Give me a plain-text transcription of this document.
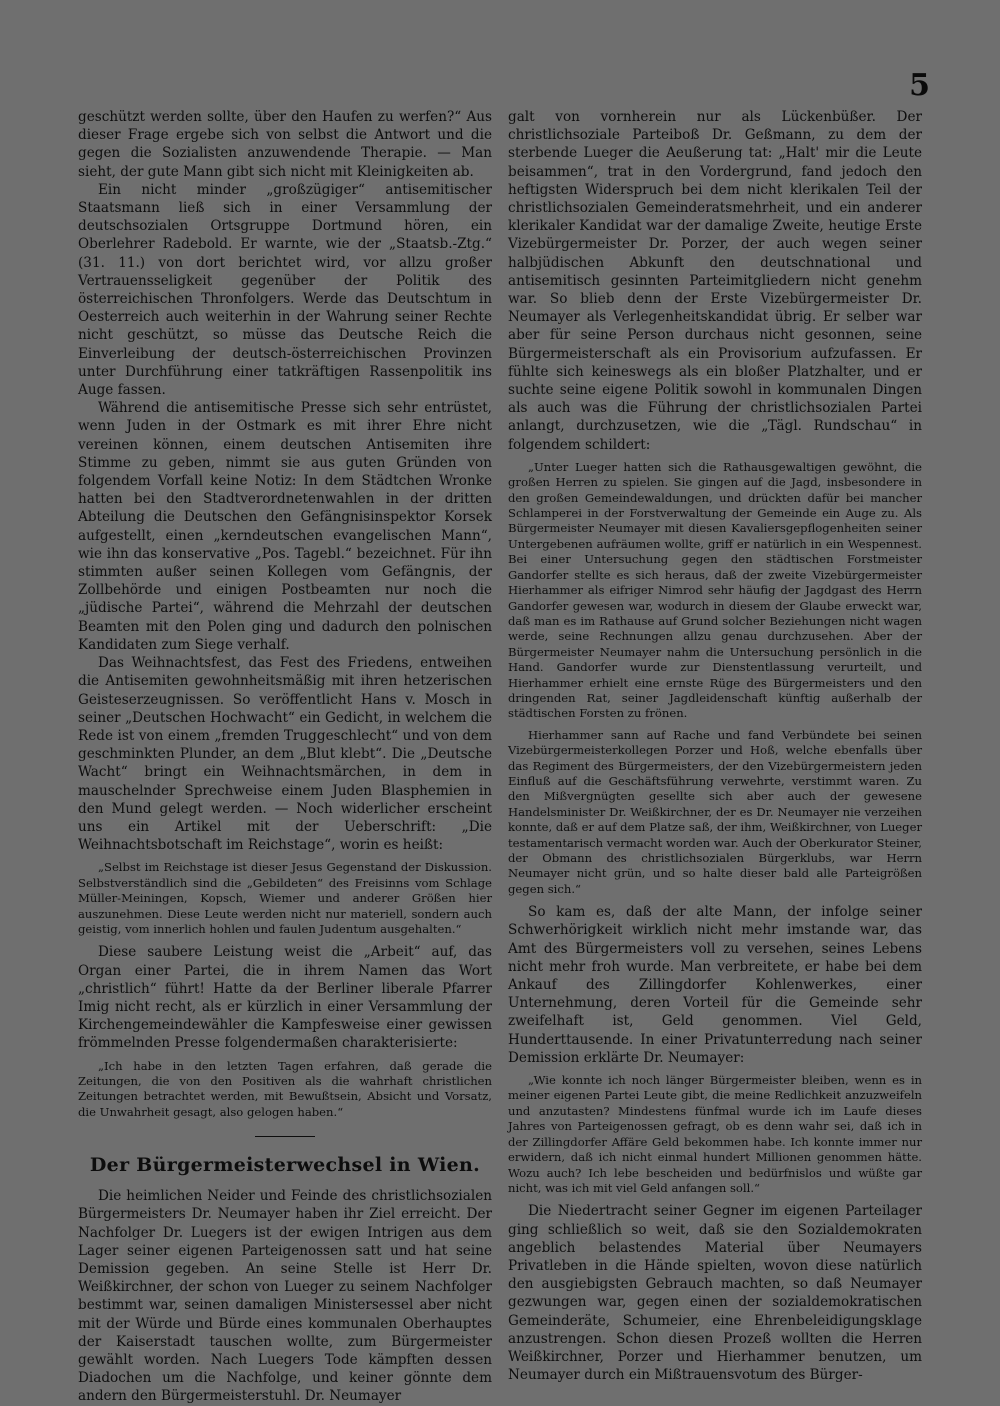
5

geschützt werden sollte, über den Haufen zu werfen?“ Aus dieser Frage ergebe sich von selbst die Antwort und die gegen die Sozialisten anzuwendende Therapie. — Man sieht, der gute Mann gibt sich nicht mit Kleinigkeiten ab.

Ein nicht minder „großzügiger“ antisemitischer Staatsmann ließ sich in einer Versammlung der deutschsozialen Ortsgruppe Dortmund hören, ein Oberlehrer Radebold. Er warnte, wie der „Staatsb.-Ztg.“ (31. 11.) von dort berichtet wird, vor allzu großer Vertrauensseligkeit gegenüber der Politik des österreichischen Thronfolgers. Werde das Deutschtum in Oesterreich auch weiterhin in der Wahrung seiner Rechte nicht geschützt, so müsse das Deutsche Reich die Einverleibung der deutsch-österreichischen Provinzen unter Durchführung einer tatkräftigen Rassenpolitik ins Auge fassen.

Während die antisemitische Presse sich sehr entrüstet, wenn Juden in der Ostmark es mit ihrer Ehre nicht vereinen können, einem deutschen Antisemiten ihre Stimme zu geben, nimmt sie aus guten Gründen von folgendem Vorfall keine Notiz: In dem Städtchen Wronke hatten bei den Stadtverordnetenwahlen in der dritten Abteilung die Deutschen den Gefängnisinspektor Korsek aufgestellt, einen „kerndeutschen evangelischen Mann“, wie ihn das konservative „Pos. Tagebl.“ bezeichnet. Für ihn stimmten außer seinen Kollegen vom Gefängnis, der Zollbehörde und einigen Postbeamten nur noch die „jüdische Partei“, während die Mehrzahl der deutschen Beamten mit den Polen ging und dadurch den polnischen Kandidaten zum Siege verhalf.

Das Weihnachtsfest, das Fest des Friedens, entweihen die Antisemiten gewohnheitsmäßig mit ihren hetzerischen Geisteserzeugnissen. So veröffentlicht Hans v. Mosch in seiner „Deutschen Hochwacht“ ein Gedicht, in welchem die Rede ist von einem „fremden Truggeschlecht“ und von dem geschminkten Plunder, an dem „Blut klebt“. Die „Deutsche Wacht“ bringt ein Weihnachtsmärchen, in dem in mauschelnder Sprechweise einem Juden Blasphemien in den Mund gelegt werden. — Noch widerlicher erscheint uns ein Artikel mit der Ueberschrift: „Die Weihnachtsbotschaft im Reichstage“, worin es heißt:

„Selbst im Reichstage ist dieser Jesus Gegenstand der Diskussion. Selbstverständlich sind die „Gebildeten“ des Freisinns vom Schlage Müller-Meiningen, Kopsch, Wiemer und anderer Größen hier auszunehmen. Diese Leute werden nicht nur materiell, sondern auch geistig, vom innerlich hohlen und faulen Judentum ausgehalten.“

Diese saubere Leistung weist die „Arbeit“ auf, das Organ einer Partei, die in ihrem Namen das Wort „christlich“ führt! Hatte da der Berliner liberale Pfarrer Imig nicht recht, als er kürzlich in einer Versammlung der Kirchengemeindewähler die Kampfesweise einer gewissen frömmelnden Presse folgendermaßen charakterisierte:

„Ich habe in den letzten Tagen erfahren, daß gerade die Zeitungen, die von den Positiven als die wahrhaft christlichen Zeitungen betrachtet werden, mit Bewußtsein, Absicht und Vorsatz, die Unwahrheit gesagt, also gelogen haben.“
Der Bürgermeisterwechsel in Wien.

Die heimlichen Neider und Feinde des christlichsozialen Bürgermeisters Dr. Neumayer haben ihr Ziel erreicht. Der Nachfolger Dr. Luegers ist der ewigen Intrigen aus dem Lager seiner eigenen Parteigenossen satt und hat seine Demission gegeben. An seine Stelle ist Herr Dr. Weißkirchner, der schon von Lueger zu seinem Nachfolger bestimmt war, seinen damaligen Ministersessel aber nicht mit der Würde und Bürde eines kommunalen Oberhauptes der Kaiserstadt tauschen wollte, zum Bürgermeister gewählt worden. Nach Luegers Tode kämpften dessen Diadochen um die Nachfolge, und keiner gönnte dem andern den Bürgermeisterstuhl. Dr. Neumayer

galt von vornherein nur als Lückenbüßer. Der christlichsoziale Parteiboß Dr. Geßmann, zu dem der sterbende Lueger die Aeußerung tat: „Halt' mir die Leute beisammen“, trat in den Vordergrund, fand jedoch den heftigsten Widerspruch bei dem nicht klerikalen Teil der christlichsozialen Gemeinderatsmehrheit, und ein anderer klerikaler Kandidat war der damalige Zweite, heutige Erste Vizebürgermeister Dr. Porzer, der auch wegen seiner halbjüdischen Abkunft den deutschnational und antisemitisch gesinnten Parteimitgliedern nicht genehm war. So blieb denn der Erste Vizebürgermeister Dr. Neumayer als Verlegenheitskandidat übrig. Er selber war aber für seine Person durchaus nicht gesonnen, seine Bürgermeisterschaft als ein Provisorium aufzufassen. Er fühlte sich keineswegs als ein bloßer Platzhalter, und er suchte seine eigene Politik sowohl in kommunalen Dingen als auch was die Führung der christlichsozialen Partei anlangt, durchzusetzen, wie die „Tägl. Rundschau“ in folgendem schildert:

„Unter Lueger hatten sich die Rathausgewaltigen gewöhnt, die großen Herren zu spielen. Sie gingen auf die Jagd, insbesondere in den großen Gemeindewaldungen, und drückten dafür bei mancher Schlamperei in der Forstverwaltung der Gemeinde ein Auge zu. Als Bürgermeister Neumayer mit diesen Kavaliersgepflogenheiten seiner Untergebenen aufräumen wollte, griff er natürlich in ein Wespennest. Bei einer Untersuchung gegen den städtischen Forstmeister Gandorfer stellte es sich heraus, daß der zweite Vizebürgermeister Hierhammer als eifriger Nimrod sehr häufig der Jagdgast des Herrn Gandorfer gewesen war, wodurch in diesem der Glaube erweckt war, daß man es im Rathause auf Grund solcher Beziehungen nicht wagen werde, seine Rechnungen allzu genau durchzusehen. Aber der Bürgermeister Neumayer nahm die Untersuchung persönlich in die Hand. Gandorfer wurde zur Dienstentlassung verurteilt, und Hierhammer erhielt eine ernste Rüge des Bürgermeisters und den dringenden Rat, seiner Jagdleidenschaft künftig außerhalb der städtischen Forsten zu frönen.
Hierhammer sann auf Rache und fand Verbündete bei seinen Vizebürgermeisterkollegen Porzer und Hoß, welche ebenfalls über das Regiment des Bürgermeisters, der den Vizebürgermeistern jeden Einfluß auf die Geschäftsführung verwehrte, verstimmt waren. Zu den Mißvergnügten gesellte sich aber auch der gewesene Handelsminister Dr. Weißkirchner, der es Dr. Neumayer nie verzeihen konnte, daß er auf dem Platze saß, der ihm, Weißkirchner, von Lueger testamentarisch vermacht worden war. Auch der Oberkurator Steiner, der Obmann des christlichsozialen Bürgerklubs, war Herrn Neumayer nicht grün, und so halte dieser bald alle Parteigrößen gegen sich.“

So kam es, daß der alte Mann, der infolge seiner Schwerhörigkeit wirklich nicht mehr imstande war, das Amt des Bürgermeisters voll zu versehen, seines Lebens nicht mehr froh wurde. Man verbreitete, er habe bei dem Ankauf des Zillingdorfer Kohlenwerkes, einer Unternehmung, deren Vorteil für die Gemeinde sehr zweifelhaft ist, Geld genommen. Viel Geld, Hunderttausende. In einer Privatunterredung nach seiner Demission erklärte Dr. Neumayer:

„Wie konnte ich noch länger Bürgermeister bleiben, wenn es in meiner eigenen Partei Leute gibt, die meine Redlichkeit anzuzweifeln und anzutasten? Mindestens fünfmal wurde ich im Laufe dieses Jahres von Parteigenossen gefragt, ob es denn wahr sei, daß ich in der Zillingdorfer Affäre Geld bekommen habe. Ich konnte immer nur erwidern, daß ich nicht einmal hundert Millionen genommen hätte. Wozu auch? Ich lebe bescheiden und bedürfnislos und wüßte gar nicht, was ich mit viel Geld anfangen soll.“

Die Niedertracht seiner Gegner im eigenen Parteilager ging schließlich so weit, daß sie den Sozialdemokraten angeblich belastendes Material über Neumayers Privatleben in die Hände spielten, wovon diese natürlich den ausgiebigsten Gebrauch machten, so daß Neumayer gezwungen war, gegen einen der sozialdemokratischen Gemeinderäte, Schumeier, eine Ehrenbeleidigungsklage anzustrengen. Schon diesen Prozeß wollten die Herren Weißkirchner, Porzer und Hierhammer benutzen, um Neumayer durch ein Mißtrauensvotum des Bürger-
